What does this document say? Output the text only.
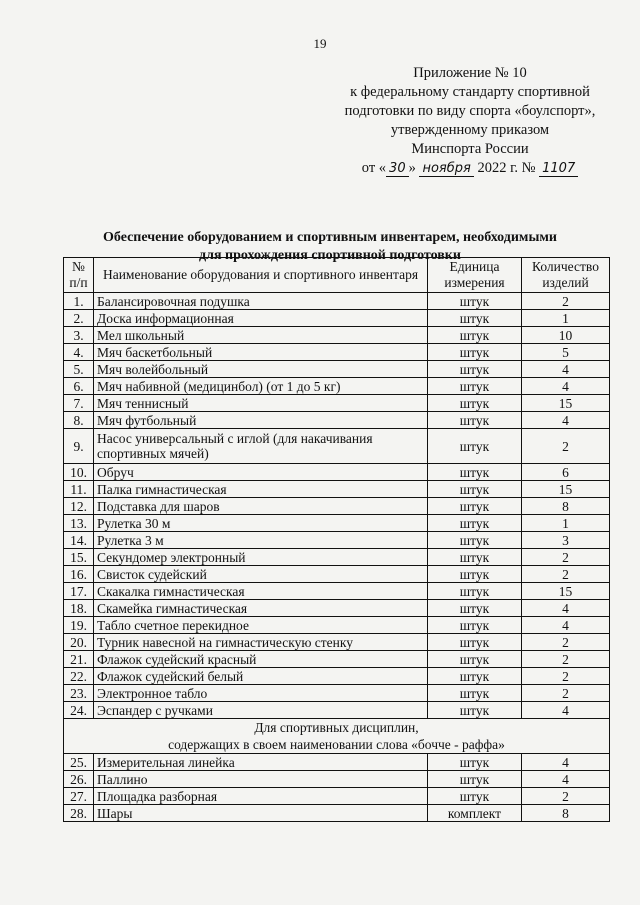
19
Приложение № 10
к федеральному стандарту спортивной
подготовки по виду спорта «боулспорт»,
утвержденному приказом
Минспорта России
от « 30 » ноября 2022 г. № 1107
Обеспечение оборудованием и спортивным инвентарем, необходимыми
для прохождения спортивной подготовки
№ п/п	Наименование оборудования и спортивного инвентаря	Единица измерения	Количество изделий
1.	Балансировочная подушка	штук	2
2.	Доска информационная	штук	1
3.	Мел школьный	штук	10
4.	Мяч баскетбольный	штук	5
5.	Мяч волейбольный	штук	4
6.	Мяч набивной (медицинбол) (от 1 до 5 кг)	штук	4
7.	Мяч теннисный	штук	15
8.	Мяч футбольный	штук	4
9.	Насос универсальный с иглой (для накачивания спортивных мячей)	штук	2
10.	Обруч	штук	6
11.	Палка гимнастическая	штук	15
12.	Подставка для шаров	штук	8
13.	Рулетка 30 м	штук	1
14.	Рулетка 3 м	штук	3
15.	Секундомер электронный	штук	2
16.	Свисток судейский	штук	2
17.	Скакалка гимнастическая	штук	15
18.	Скамейка гимнастическая	штук	4
19.	Табло счетное перекидное	штук	4
20.	Турник навесной на гимнастическую стенку	штук	2
21.	Флажок судейский красный	штук	2
22.	Флажок судейский белый	штук	2
23.	Электронное табло	штук	2
24.	Эспандер с ручками	штук	4

Для спортивных дисциплин,
содержащих в своем наименовании слова «бочче - раффа»			

25.	Измерительная линейка	штук	4
26.	Паллино	штук	4
27.	Площадка разборная	штук	2
28.	Шары	комплект	8
